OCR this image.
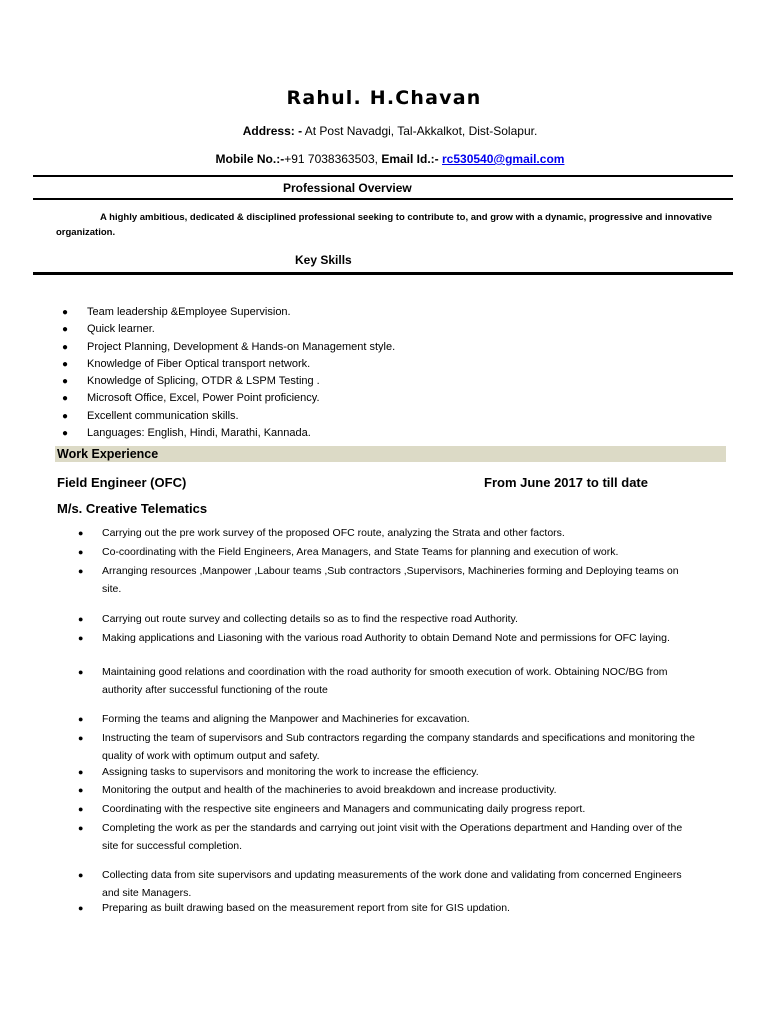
Rahul. H.Chavan
Address: - At Post Navadgi, Tal-Akkalkot, Dist-Solapur.
Mobile No.:-+91 7038363503, Email Id.:- rc530540@gmail.com
Professional Overview
A highly ambitious, dedicated & disciplined professional seeking to contribute to, and grow with a dynamic, progressive and innovative organization.
Key Skills
●	Team leadership &Employee Supervision.
●	Quick learner.
●	Project Planning, Development & Hands-on Management style.
●	Knowledge of Fiber Optical transport network.
●	Knowledge of Splicing, OTDR & LSPM Testing .
●	Microsoft Office, Excel, Power Point proficiency.
●	Excellent communication skills.
●	Languages: English, Hindi, Marathi, Kannada.
Work Experience
Field Engineer (OFC)	From June 2017 to till date
M/s. Creative Telematics
●	Carrying out the pre work survey of the proposed OFC route, analyzing the Strata and other factors.
●	Co-coordinating with the Field Engineers, Area Managers, and State Teams for planning and execution of work.
●	Arranging resources ,Manpower ,Labour teams ,Sub contractors ,Supervisors, Machineries forming and Deploying teams on site.
●	Carrying out route survey and collecting details so as to find the respective road Authority.
●	Making applications and Liasoning with the various road Authority to obtain Demand Note and permissions for OFC laying.
●	Maintaining good relations and coordination with the road authority for smooth execution of work. Obtaining NOC/BG from authority after successful functioning of the route
●	Forming the teams and aligning the Manpower and Machineries for excavation.
●	Instructing the team of supervisors and Sub contractors regarding the company standards and specifications and monitoring the quality of work with optimum output and safety.
●	Assigning tasks to supervisors and monitoring the work to increase the efficiency.
●	Monitoring the output and health of the machineries to avoid breakdown and increase productivity.
●	Coordinating with the respective site engineers and Managers and communicating daily progress report.
●	Completing the work as per the standards and carrying out joint visit with the Operations department and Handing over of the site for successful completion.
●	Collecting data from site supervisors and updating measurements of the work done and validating from concerned Engineers and site Managers.
●	Preparing as built drawing based on the measurement report from site for GIS updation.
